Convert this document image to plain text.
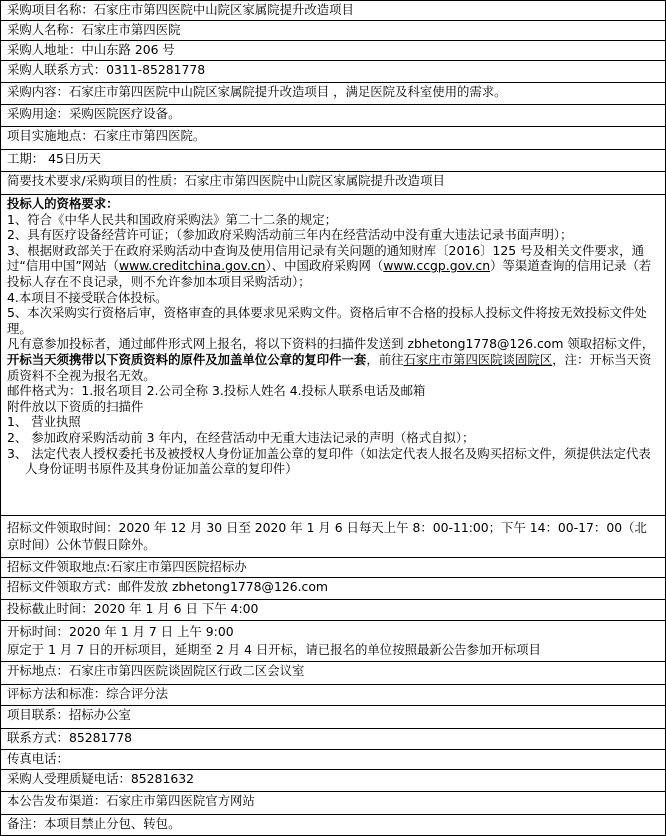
采购项目名称：石家庄市第四医院中山院区家属院提升改造项目
采购人名称：石家庄市第四医院
采购人地址：中山东路 206 号
采购人联系方式：0311-85281778
采购内容：石家庄市第四医院中山院区家属院提升改造项目 ，满足医院及科室使用的需求。
采购用途：采购医院医疗设备。
项目实施地点：石家庄市第四医院。
工期： 45日历天
简要技术要求/采购项目的性质：石家庄市第四医院中山院区家属院提升改造项目
投标人的资格要求：
1、符合《中华人民共和国政府采购法》第二十二条的规定；
2、具有医疗设备经营许可证；（参加政府采购活动前三年内在经营活动中没有重大违法记录书面声明）；
3、根据财政部关于在政府采购活动中查询及使用信用记录有关问题的通知财库〔2016〕125 号及相关文件要求，通过“信用中国”网站（www.creditchina.gov.cn）、中国政府采购网（www.ccgp.gov.cn）等渠道查询的信用记录（若投标人存在不良记录，则不允许参加本项目采购活动）；
4.本项目不接受联合体投标。
5、本次采购实行资格后审，资格审查的具体要求见采购文件。资格后审不合格的投标人投标文件将按无效投标文件处理。
凡有意参加投标者，通过邮件形式网上报名，将以下资料的扫描件发送到 zbhetong1778@126.com 领取招标文件，开标当天须携带以下资质资料的原件及加盖单位公章的复印件一套，前往石家庄市第四医院谈固院区，注：开标当天资质资料不全视为报名无效。
邮件格式为：1.报名项目 2.公司全称 3.投标人姓名 4.投标人联系电话及邮箱
附件放以下资质的扫描件
1、 营业执照
2、 参加政府采购活动前 3 年内，在经营活动中无重大违法记录的声明（格式自拟）；
3、 法定代表人授权委托书及被授权人身份证加盖公章的复印件（如法定代表人报名及购买招标文件，须提供法定代表人身份证明书原件及其身份证加盖公章的复印件）
招标文件领取时间：2020 年 12 月 30 日至 2020 年 1 月 6 日每天上午 8：00-11:00；下午 14：00-17：00（北京时间）公休节假日除外。
招标文件领取地点:石家庄市第四医院招标办
招标文件领取方式：邮件发放 zbhetong1778@126.com
投标截止时间：2020 年 1 月 6 日 下午 4:00
开标时间：2020 年 1 月 7 日 上午 9:00
原定于 1 月 7 日的开标项目，延期至 2 月 4 日开标，请已报名的单位按照最新公告参加开标项目
开标地点：石家庄市第四医院谈固院区行政二区会议室
评标方法和标准：综合评分法
项目联系：招标办公室
联系方式：85281778
传真电话：
采购人受理质疑电话：85281632
本公告发布渠道：石家庄市第四医院官方网站
备注：本项目禁止分包、转包。
